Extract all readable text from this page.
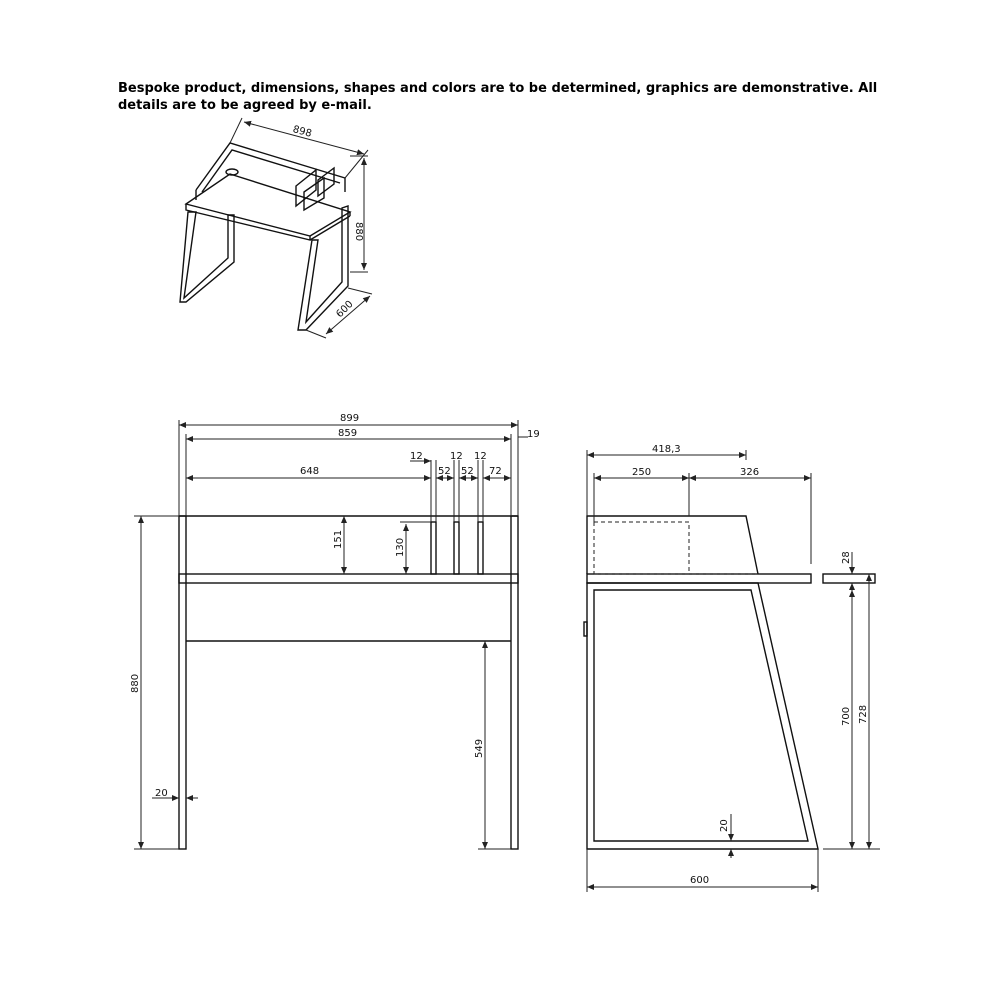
Bespoke product, dimensions, shapes and colors are to be determined, graphics are demonstrative. All details are to be agreed by e-mail.
898
880
600
899
859	19
648
12	12 12
52 52 72
151	130
880
20
549
418,3
250	326
28
700 728
20
600
